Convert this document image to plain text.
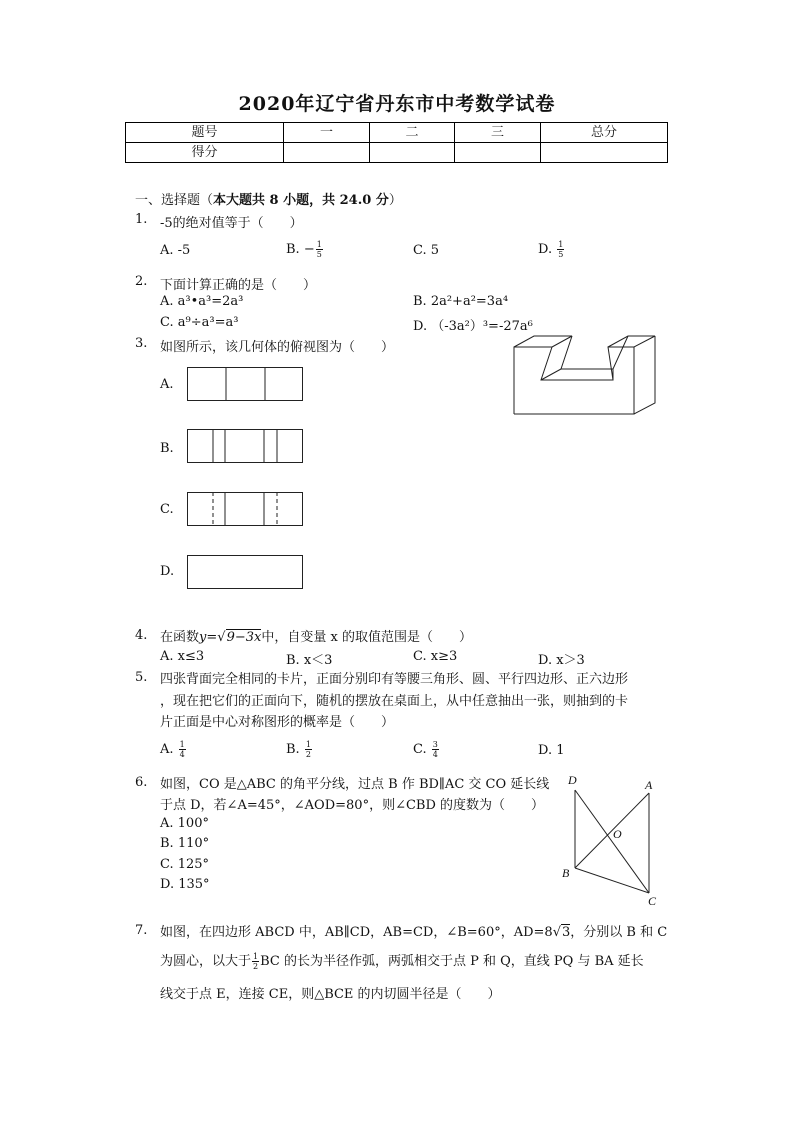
2020年辽宁省丹东市中考数学试卷
题号	一	二	三	总分
得分				
一、选择题（本大题共 8 小题，共 24.0 分）
1. -5的绝对值等于（　　）
A. -5	B. − $\frac{1}{5}$	C. 5	D. $\frac{1}{5}$
2. 下面计算正确的是（　　）
A. a³•a³=2a³	B. 2a²+a²=3a⁴
C. a⁹÷a³=a³	D. （-3a²）³=-27a⁶
3. 如图所示，该几何体的俯视图为（　　）
A.
B.
C.
D.
4. 在函数y=√9−3x中，自变量 x 的取值范围是（　　）
A. x≤3	B. x＜3	C. x≥3	D. x＞3
5. 四张背面完全相同的卡片，正面分别印有等腰三角形、圆、平行四边形、正六边形
，现在把它们的正面向下，随机的摆放在桌面上，从中任意抽出一张，则抽到的卡
片正面是中心对称图形的概率是（　　）
A. $\frac{1}{4}$	B. $\frac{1}{2}$	C. $\frac{3}{4}$	D. 1
6. 如图，CO 是△ABC 的角平分线，过点 B 作 BD∥AC 交 CO 延长线
于点 D，若∠A=45°，∠AOD=80°，则∠CBD 的度数为（　　）
A. 100°
B. 110°
C. 125°
D. 135°
D	A
O
B
C
7. 如图，在四边形 ABCD 中，AB∥CD，AB=CD，∠B=60°，AD=8√3，分别以 B 和 C
为圆心，以大于 $\frac{1}{2}$ BC 的长为半径作弧，两弧相交于点 P 和 Q，直线 PQ 与 BA 延长
线交于点 E，连接 CE，则△BCE 的内切圆半径是（　　）
